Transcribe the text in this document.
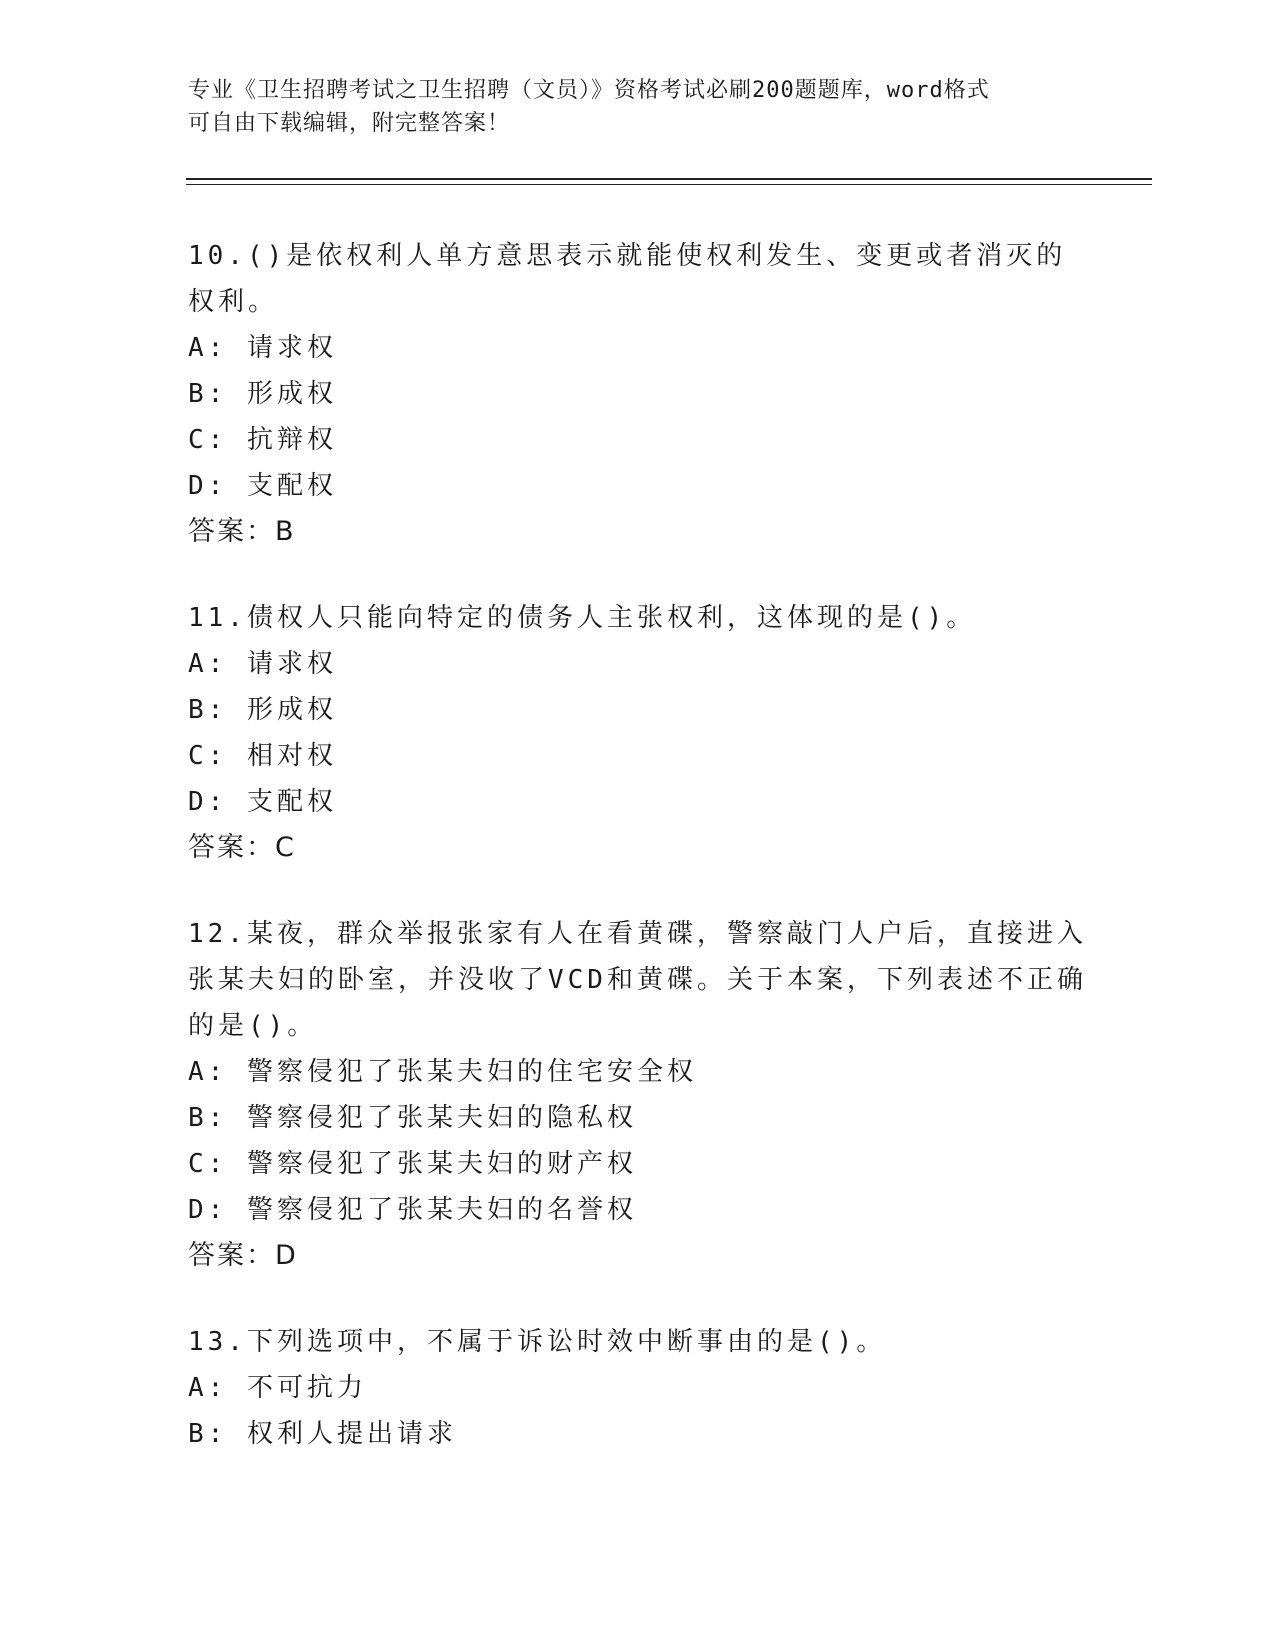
专业《卫生招聘考试之卫生招聘（文员）》资格考试必刷200题题库，word格式
可自由下载编辑，附完整答案！
10.()是依权利人单方意思表示就能使权利发生、变更或者消灭的权利。
A: 请求权
B: 形成权
C: 抗辩权
D: 支配权
答案：B
11.债权人只能向特定的债务人主张权利，这体现的是()。
A: 请求权
B: 形成权
C: 相对权
D: 支配权
答案：C
12.某夜，群众举报张家有人在看黄碟，警察敲门人户后，直接进入张某夫妇的卧室，并没收了VCD和黄碟。关于本案，下列表述不正确的是()。
A: 警察侵犯了张某夫妇的住宅安全权
B: 警察侵犯了张某夫妇的隐私权
C: 警察侵犯了张某夫妇的财产权
D: 警察侵犯了张某夫妇的名誉权
答案：D
13.下列选项中，不属于诉讼时效中断事由的是()。
A: 不可抗力
B: 权利人提出请求
